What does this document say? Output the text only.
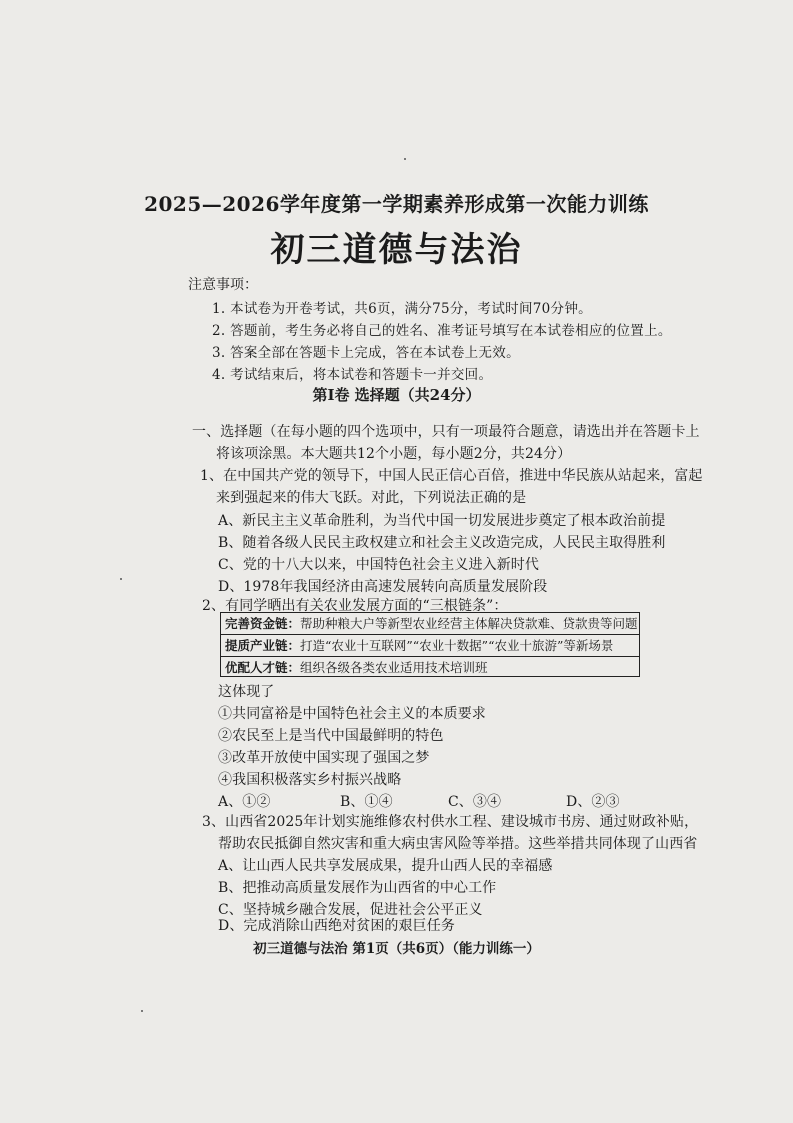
2025—2026学年度第一学期素养形成第一次能力训练
初三道德与法治
注意事项：
1. 本试卷为开卷考试，共6页，满分75分，考试时间70分钟。
2. 答题前，考生务必将自己的姓名、准考证号填写在本试卷相应的位置上。
3. 答案全部在答题卡上完成，答在本试卷上无效。
4. 考试结束后，将本试卷和答题卡一并交回。
第Ⅰ卷 选择题（共24分）
一、选择题（在每小题的四个选项中，只有一项最符合题意，请选出并在答题卡上
将该项涂黑。本大题共12个小题，每小题2分，共24分）
1、在中国共产党的领导下，中国人民正信心百倍，推进中华民族从站起来，富起
来到强起来的伟大飞跃。对此，下列说法正确的是
A、新民主主义革命胜利，为当代中国一切发展进步奠定了根本政治前提
B、随着各级人民民主政权建立和社会主义改造完成，人民民主取得胜利
C、党的十八大以来，中国特色社会主义进入新时代
D、1978年我国经济由高速发展转向高质量发展阶段
2、有同学晒出有关农业发展方面的“三根链条”：
完善资金链：帮助种粮大户等新型农业经营主体解决贷款难、贷款贵等问题
提质产业链：打造“农业十互联网”“农业十数据”“农业十旅游”等新场景
优配人才链：组织各级各类农业适用技术培训班
这体现了
①共同富裕是中国特色社会主义的本质要求
②农民至上是当代中国最鲜明的特色
③改革开放使中国实现了强国之梦
④我国积极落实乡村振兴战略
A、①②	B、①④	C、③④	D、②③
3、山西省2025年计划实施维修农村供水工程、建设城市书房、通过财政补贴，
帮助农民抵御自然灾害和重大病虫害风险等举措。这些举措共同体现了山西省
A、让山西人民共享发展成果，提升山西人民的幸福感
B、把推动高质量发展作为山西省的中心工作
C、坚持城乡融合发展，促进社会公平正义
D、完成消除山西绝对贫困的艰巨任务
初三道德与法治 第1页（共6页）（能力训练一）
